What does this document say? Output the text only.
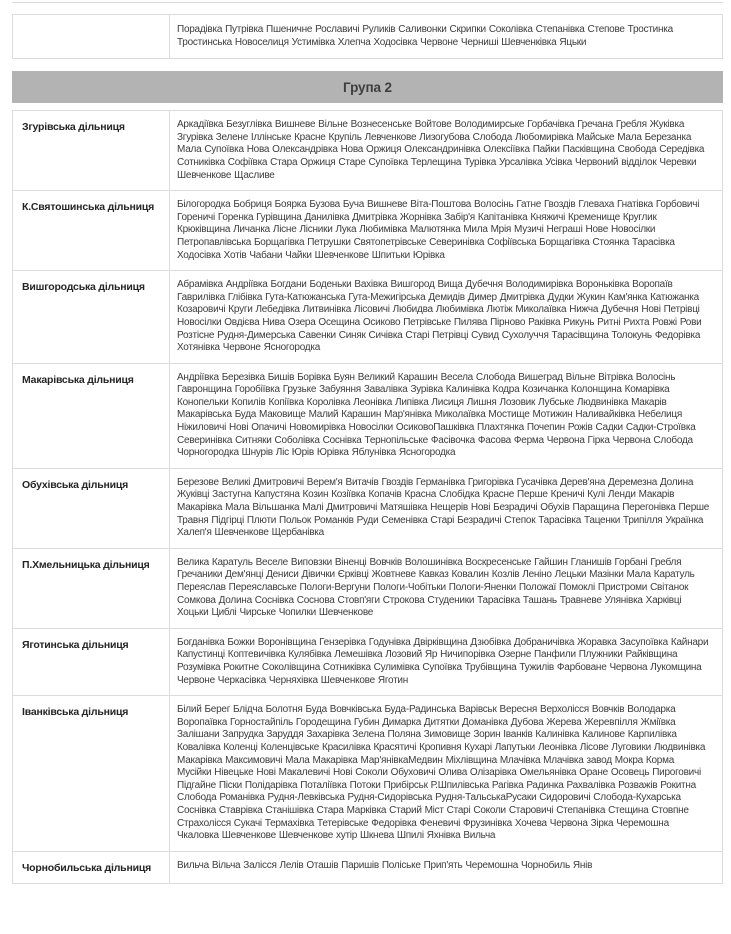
	Порадівка Путрівка Пшеничне Рославичі Руликів Саливонки Скрипки Соколівка Степанівка Степове Тростинка Тростинська Новоселиця Устимівка Хлепча Ходосівка Червоне Черниші Шевченківка Яцьки
Група 2
Згурівська дільниця	Аркадіївка Безуглівка Вишневе Вільне Вознесенське Войтове Володимирське Горбачівка Гречана Гребля Жуківка Згурівка Зелене Іллінське Красне Крупіль Левченкове Лизогубова Слобода Любомирівка Майське Мала Березанка Мала Супоївка Нова Олександрівка Нова Оржиця Олександринівка Олексіївка Пайки Пасківщина Свобода Середівка Сотниківка Софіївка Стара Оржиця Старе Супоївка Терлещина Турівка Урсалівка Усівка Червоний відділок Черевки Шевченкове Щасливе
К.Святошинська дільниця	Білогородка Бобриця Боярка Бузова Буча Вишневе Віта-Поштова Волосінь Гатне Гвоздів Глеваха Гнатівка Горбовичі Гореничі Горенка Гурівщина Данилівка Дмитрівка Жорнівка Забір'я Капітанівка Княжичі Кременище Круглик Крюківщина Личанка Лісне Лісники Лука Любимівка Малютянка Мила Мрія Музичі Неграші Нове Новосілки Петропавлівська Борщагівка Петрушки Святопетрівське Северинівка Софіївська Борщагівка Стоянка Тарасівка Ходосівка Хотів Чабани Чайки Шевченкове Шпитьки Юрівка
Вишгородська дільниця	Абрамівка Андріївка Богдани Боденьки Вахівка Вишгород Вища Дубечня Володимирівка Вороньківка Воропаїв Гаврилівка Глібівка Гута-Катюжанська Гута-Межигірська Демидів Димер Дмитрівка Дудки Жукин Кам'янка Катюжанка Козаровичі Круги Лебедівка Литвинівка Лісовичі Любидва Любимівка Лютіж Миколаївка Нижча Дубечня Нові Петрівці Новосілки Овдієва Нива Озера Осещина Осиково Петрівське Пилява Пірново Раківка Рикунь Ритні Рихта Ровжі Рови Розтісне Рудня-Димерська Савенки Синяк Сичівка Старі Петрівці Сувид Сухолуччя Тарасівщина Толокунь Федорівка Хотянівка Червоне Ясногородка
Макарівська дільниця	Андріївка Березівка Бишів Борівка Буян Великий Карашин Весела Слобода Вишеград Вільне Вітрівка Волосінь Гавронщина Горобіївка Грузьке Забуяння Завалівка Зурівка Калинівка Кодра Козичанка Колонщина Комарівка Конопельки Копилів Копіївка Королівка Леонівка Липівка Лисиця Лишня Лозовик Лубське Людвинівка Макарів Макарівська Буда Маковище Малий Карашин Мар'янівка Миколаївка Мостище Мотижин Наливайківка Небелиця Ніжиловичі Нові Опачичі Новомирівка Новосілки ОсиковоПашківка Плахтянка Почепин Рожів Садки Садки-Строївка Северинівка Ситняки Соболівка Соснівка Тернопільське Фасівочка Фасова Ферма Червона Гірка Червона Слобода Чорногородка Шнурів Ліс Юрів Юрівка Яблунівка Ясногородка
Обухівська дільниця	Березове Великі Дмитровичі Верем'я Витачів Гвоздів Германівка Григорівка Гусачівка Дерев'яна Деремезна Долина Жуківці Застугна Капустяна Козин Козіївка Копачів Красна Слобідка Красне Перше Креничі Кулі Ленди Макарів Макарівка Мала Вільшанка Малі Дмитровичі Матяшівка Нещерів Нові Безрадичі Обухів Паращина Перегонівка Перше Травня Підгірці Плюти Польок Романків Руди Семенівка Старі Безрадичі Степок Тарасівка Таценки Трипілля Українка Халеп'я Шевченкове Щербанівка
П.Хмельницька дільниця	Велика Каратуль Веселе Виповзки Віненці Вовчків Волошинівка Воскресенське Гайшин Гланишів Горбані Гребля Гречаники Дем'янці Дениси Дівички Єрківці Жовтневе Кавказ Ковалин Козлів Леніно Лецьки Мазінки Мала Каратуль Переяслав Переяславське Пологи-Вергуни Пологи-Чобітьки Пологи-Яненки Положаї Помоклі Пристроми Світанок Сомкова Долина Соснівка Соснова Стовп'яги Строкова Студеники Тарасівка Ташань Травневе Улянівка Харківці Хоцьки Циблі Чирське Чопилки Шевченкове
Яготинська дільниця	Богданівка Божки Воронівщина Гензерівка Годунівка Двірківщина Дзюбівка Добраничівка Жоравка Засупоївка Кайнари Капустинці Коптевичівка Кулябівка Лемешівка Лозовий Яр Ничипорівка Озерне Панфили Плужники Райківщина Розумівка Рокитне Соколівщина Сотниківка Сулимівка Супоївка Трубівщина Тужилів Фарбоване Червона Лукомщина Червоне Черкасівка Черняхівка Шевченкове Яготин
Іванківська дільниця	Білий Берег Блідча Болотня Буда Вовчківська Буда-Радинська Варівськ Вересня Верхолісся Вовчків Володарка Воропаївка Горностайпіль Городещина Губин Димарка Дитятки Доманівка Дубова Жерева Жеревпілля Жміївка Залішани Запрудка Заруддя Захарівка Зелена Поляна Зимовище Зорин Іванків Калинівка Калинове Карпилівка Ковалівка Коленці Коленцівське Красилівка Красятичі Кропивня Кухарі Лапутьки Леонівка Лісове Луговики Людвинівка Макарівка Максимовичі Мала Макарівка Мар'янівкаМедвин Міхлівщина Млачівка Млачівка завод Мокра Корма Мусійки Нівецьке Нові Макалевичі Нові Соколи Обуховичі Олива Олізарівка Омельянівка Оране Осовець Пироговичі Підгайне Піски Полідарівка Поталіївка Потоки Прибірськ Р.Шпилівська Рагівка Радинка Рахвалівка Розважів Рокитна Слобода Романівка Рудня-Левківська Рудня-Сидорівська Рудня-ТальськаРусаки Сидоровичі Слобода-Кухарська Соснівка Ставрівка Станішівка Стара Марківка Старий Міст Старі Соколи Старовичі Степанівка Стещина Стовпне Страхолісся Сукачі Термахівка Тетерівське Федорівка Феневичі Фрузинівка Хочева Червона Зірка Черемошна Чкаловка Шевченкове Шевченкове хутір Шкнева Шпилі Яхнівка Вильча
Чорнобильська дільниця	Вильча Вільча Залісся Лелів Оташів Паришів Поліське Прип'ять Черемошна Чорнобиль Янів
